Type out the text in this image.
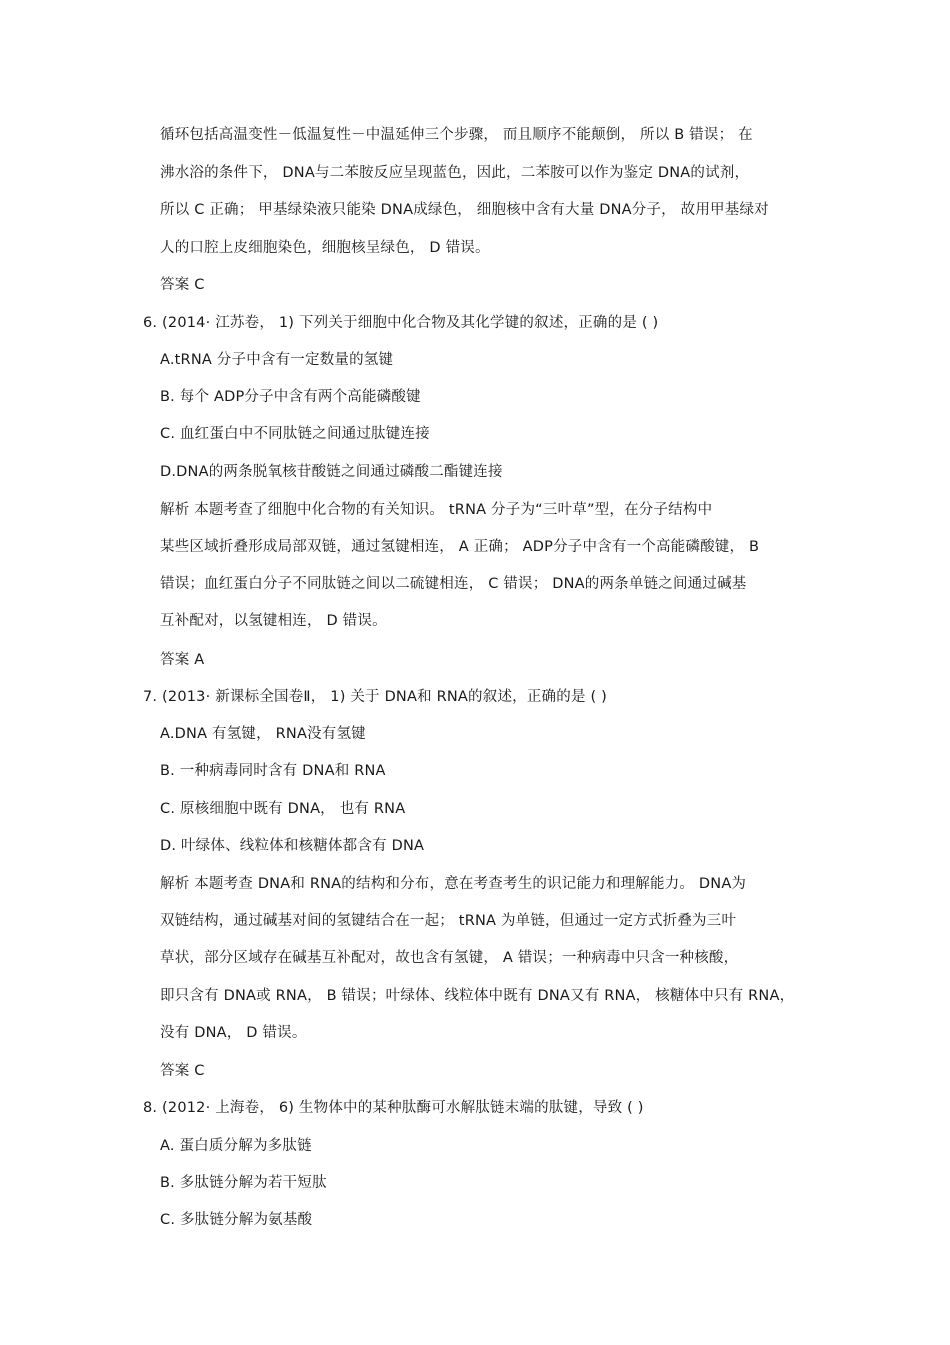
循环包括高温变性－低温复性－中温延伸三个步骤， 而且顺序不能颠倒， 所以 B 错误； 在
沸水浴的条件下， DNA与二苯胺反应呈现蓝色，因此，二苯胺可以作为鉴定 DNA的试剂，
所以 C 正确； 甲基绿染液只能染 DNA成绿色， 细胞核中含有大量 DNA分子， 故用甲基绿对
人的口腔上皮细胞染色，细胞核呈绿色， D 错误。
答案 C
6. (2014· 江苏卷， 1) 下列关于细胞中化合物及其化学键的叙述，正确的是 ( )
A.tRNA 分子中含有一定数量的氢键
B. 每个 ADP分子中含有两个高能磷酸键
C. 血红蛋白中不同肽链之间通过肽键连接
D.DNA的两条脱氧核苷酸链之间通过磷酸二酯键连接
解析 本题考查了细胞中化合物的有关知识。 tRNA 分子为“三叶草”型，在分子结构中
某些区域折叠形成局部双链，通过氢键相连， A 正确； ADP分子中含有一个高能磷酸键， B
错误；血红蛋白分子不同肽链之间以二硫键相连， C 错误； DNA的两条单链之间通过碱基
互补配对，以氢键相连， D 错误。
答案 A
7. (2013· 新课标全国卷Ⅱ， 1) 关于 DNA和 RNA的叙述，正确的是 ( )
A.DNA 有氢键， RNA没有氢键
B. 一种病毒同时含有 DNA和 RNA
C. 原核细胞中既有 DNA， 也有 RNA
D. 叶绿体、线粒体和核糖体都含有 DNA
解析 本题考查 DNA和 RNA的结构和分布，意在考查考生的识记能力和理解能力。 DNA为
双链结构，通过碱基对间的氢键结合在一起； tRNA 为单链，但通过一定方式折叠为三叶
草状，部分区域存在碱基互补配对，故也含有氢键， A 错误；一种病毒中只含一种核酸，
即只含有 DNA或 RNA， B 错误；叶绿体、线粒体中既有 DNA又有 RNA， 核糖体中只有 RNA，
没有 DNA， D 错误。
答案 C
8. (2012· 上海卷， 6) 生物体中的某种肽酶可水解肽链末端的肽键，导致 ( )
A. 蛋白质分解为多肽链
B. 多肽链分解为若干短肽
C. 多肽链分解为氨基酸
